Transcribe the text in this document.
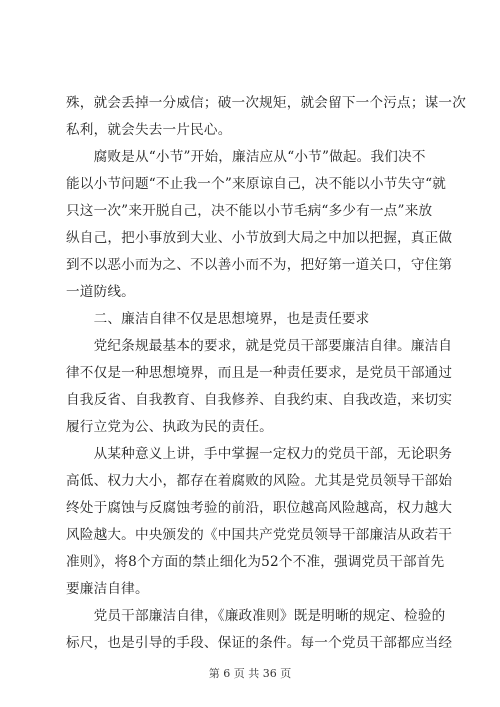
殊，就会丢掉一分威信；破一次规矩，就会留下一个污点；谋一次
私利，就会失去一片民心。

　　腐败是从“小节”开始，廉洁应从“小节”做起。我们决不
能以小节问题“不止我一个”来原谅自己，决不能以小节失守“就
只这一次”来开脱自己，决不能以小节毛病“多少有一点”来放
纵自己，把小事放到大业、小节放到大局之中加以把握，真正做
到不以恶小而为之、不以善小而不为，把好第一道关口，守住第
一道防线。

　　二、廉洁自律不仅是思想境界，也是责任要求

　　党纪条规最基本的要求，就是党员干部要廉洁自律。廉洁自
律不仅是一种思想境界，而且是一种责任要求，是党员干部通过
自我反省、自我教育、自我修养、自我约束、自我改造，来切实
履行立党为公、执政为民的责任。

　　从某种意义上讲，手中掌握一定权力的党员干部，无论职务
高低、权力大小，都存在着腐败的风险。尤其是党员领导干部始
终处于腐蚀与反腐蚀考验的前沿，职位越高风险越高，权力越大
风险越大。中央颁发的《中国共产党党员领导干部廉洁从政若干
准则》，将8个方面的禁止细化为52个不准，强调党员干部首先
要廉洁自律。

　　党员干部廉洁自律，《廉政准则》既是明晰的规定、检验的
标尺，也是引导的手段、保证的条件。每一个党员干部都应当经

第 6 页 共 36 页
